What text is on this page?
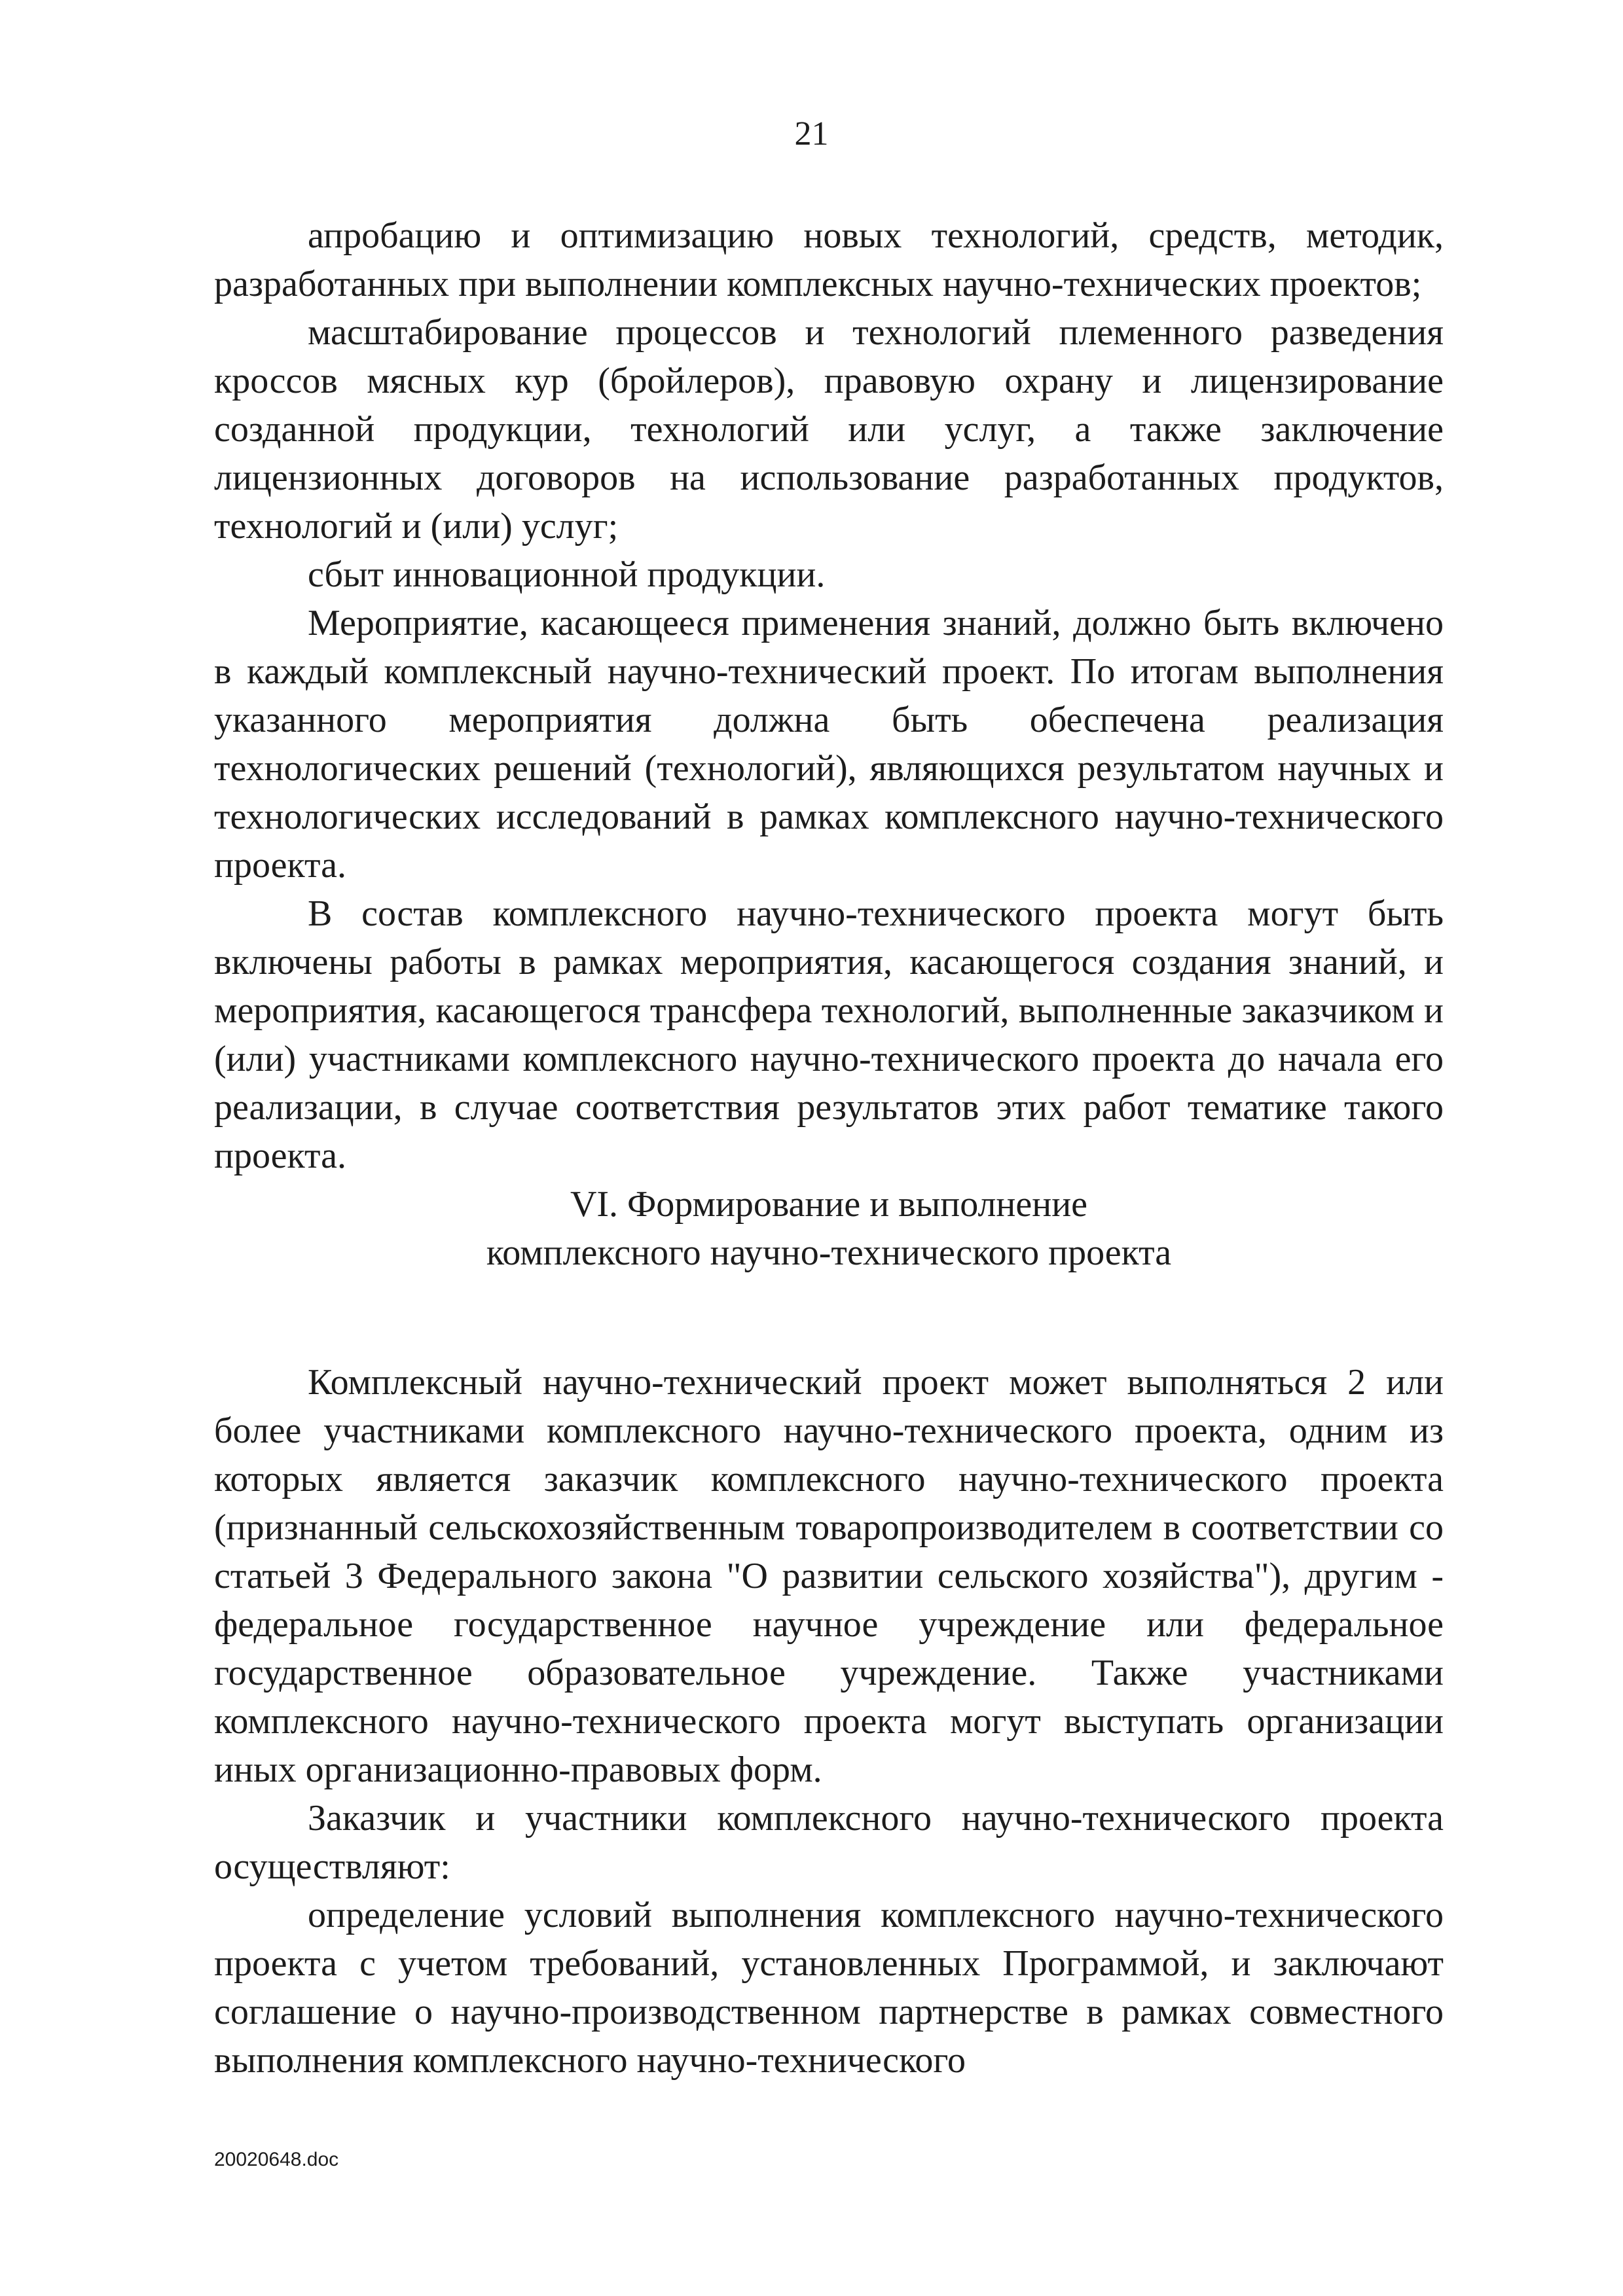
21

апробацию и оптимизацию новых технологий, средств, методик, разработанных при выполнении комплексных научно-технических проектов;

масштабирование процессов и технологий племенного разведения кроссов мясных кур (бройлеров), правовую охрану и лицензирование созданной продукции, технологий или услуг, а также заключение лицензионных договоров на использование разработанных продуктов, технологий и (или) услуг;

сбыт инновационной продукции.

Мероприятие, касающееся применения знаний, должно быть включено в каждый комплексный научно-технический проект. По итогам выполнения указанного мероприятия должна быть обеспечена реализация технологических решений (технологий), являющихся результатом научных и технологических исследований в рамках комплексного научно-технического проекта.

В состав комплексного научно-технического проекта могут быть включены работы в рамках мероприятия, касающегося создания знаний, и мероприятия, касающегося трансфера технологий, выполненные заказчиком и (или) участниками комплексного научно-технического проекта до начала его реализации, в случае соответствия результатов этих работ тематике такого проекта.

VI. Формирование и выполнение
комплексного научно-технического проекта

Комплексный научно-технический проект может выполняться 2 или более участниками комплексного научно-технического проекта, одним из которых является заказчик комплексного научно-технического проекта (признанный сельскохозяйственным товаропроизводителем в соответствии со статьей 3 Федерального закона "О развитии сельского хозяйства"), другим - федеральное государственное научное учреждение или федеральное государственное образовательное учреждение. Также участниками комплексного научно-технического проекта могут выступать организации иных организационно-правовых форм.

Заказчик и участники комплексного научно-технического проекта осуществляют:

определение условий выполнения комплексного научно-технического проекта с учетом требований, установленных Программой, и заключают соглашение о научно-производственном партнерстве в рамках совместного выполнения комплексного научно-технического

20020648.doc
